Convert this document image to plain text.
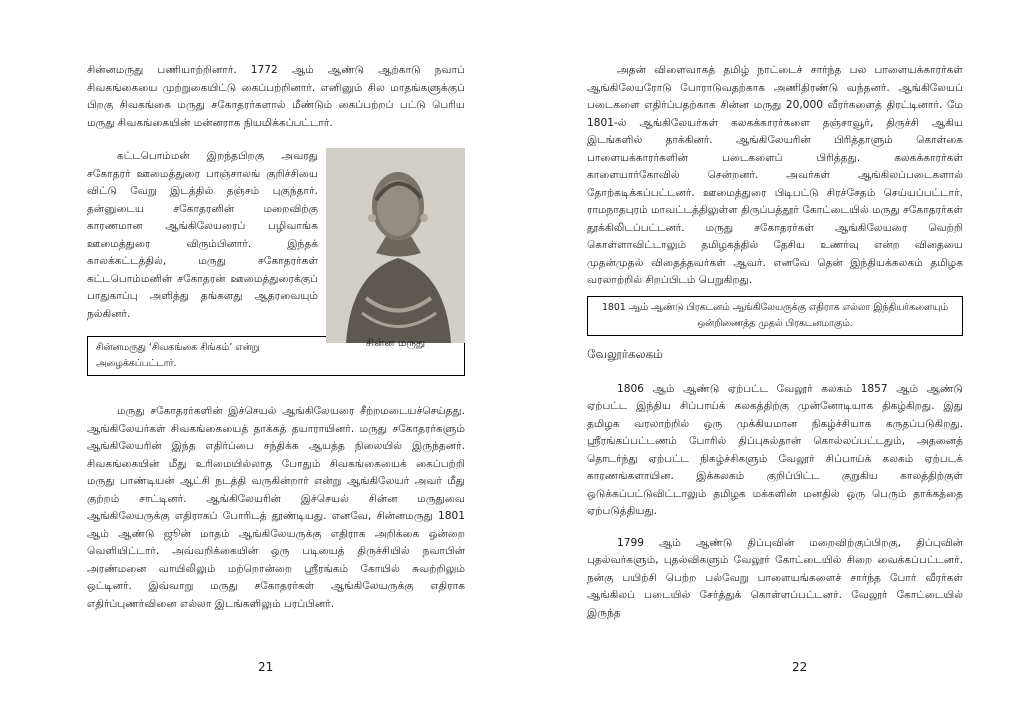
சின்னமருது பணியாற்றினார். 1772 ஆம் ஆண்டு ஆற்காடு நவாப் சிவகங்கையை முற்றுகையிட்டு கைப்பற்றினார். எனினும் சில மாதங்களுக்குப் பிறகு சிவகங்கை மருது சகோதரர்களால் மீண்டும் கைப்பற்றப் பட்டு பெரிய மருது சிவகங்கையின் மன்னராக நியமிக்கப்பட்டார்.

சின்ன மருது

கட்டபொம்மன் இறந்தபிறகு அவரது சகோதரர் ஊமைத்துரை பாஞ்சாலங் குறிச்சியை விட்டு வேறு இடத்தில் தஞ்சம் புகுந்தார். தன்னுடைய சகோதரனின் மறைவிற்கு காரணமான ஆங்கிலேயரைப் பழிவாங்க ஊமைத்துரை விரும்பினார். இந்தக் காலக்கட்டத்தில், மருது சகோதரர்கள் கட்டபொம்மனின் சகோதரன் ஊமைத்துரைக்குப் பாதுகாப்பு அளித்து தங்களது ஆதரவையும் நல்கினர்.

சின்னமருது ‘சிவகங்கை சிங்கம்’ என்று அழைக்கப்பட்டார்.

மருது சகோதரர்களின் இச்செயல் ஆங்கிலேயரை சீற்றமடையச்செய்தது. ஆங்கிலேயர்கள் சிவகங்கையைத் தாக்கத் தயாராயினர். மருது சகோதரர்களும் ஆங்கிலேயரின் இந்த எதிர்ப்பை சந்திக்க ஆயத்த நிலையில் இருந்தனர். சிவகங்கையின் மீது உரிமையில்லாத போதும் சிவகங்கையைக் கைப்பற்றி மருது பாண்டியன் ஆட்சி நடத்தி வருகின்றார் என்று ஆங்கிலேயர் அவர் மீது குற்றம் சாட்டினர். ஆங்கிலேயரின் இச்செயல் சின்ன மருதுவை ஆங்கிலேயருக்கு எதிராகப் போரிடத் தூண்டியது. எனவே, சின்னமருது 1801 ஆம் ஆண்டு ஜூன் மாதம் ஆங்கிலேயருக்கு எதிராக அறிக்கை ஒன்றை வெளியிட்டார். அவ்வறிக்கையின் ஒரு படியைத் திருச்சியில் நவாபின் அரண்மனை வாயிலிலும் மற்றொன்றை ஸ்ரீரங்கம் கோயில் சுவற்றிலும் ஒட்டினர். இவ்வாறு மருது சகோதரர்கள் ஆங்கிலேயருக்கு எதிராக எதிர்ப்புணர்வினை எல்லா இடங்களிலும் பரப்பினர்.

அதன் விளைவாகத் தமிழ் நாட்டைச் சார்ந்த பல பாளையக்காரர்கள் ஆங்கிலேயரோடு போராடுவதற்காக அணிதிரண்டு வந்தனர். ஆங்கிலேயப் படைகளை எதிர்ப்பதற்காக சின்ன மருது 20,000 வீரர்களைத் திரட்டினார். மே 1801-ல் ஆங்கிலேயர்கள் கலகக்காரர்களை தஞ்சாவூர், திருச்சி ஆகிய இடங்களில் தாக்கினர். ஆங்கிலேயரின் பிரித்தாளும் கொள்கை பாளையக்காரர்களின் படைகளைப் பிரித்தது. கலகக்காரர்கள் காளையார்கோவில் சென்றனர். அவர்கள் ஆங்கிலப்படைகளால் தோற்கடிக்கப்பட்டனர். ஊமைத்துரை பிடிபட்டு சிரச்சேதம் செய்யப்பட்டார். ராமநாதபுரம் மாவட்டத்திலுள்ள திருப்பத்தூர் கோட்டையில் மருது சகோதரர்கள் தூக்கிலிடப்பட்டனர். மருது சகோதரர்கள் ஆங்கிலேயரை வெற்றி கொள்ளாவிட்டாலும் தமிழகத்தில் தேசிய உணர்வு என்ற விதையை முதன்முதல் விதைத்தவர்கள் ஆவர். எனவே தென் இந்தியக்கலகம் தமிழக வரலாற்றில் சிறப்பிடம் பெறுகிறது.

1801 ஆம் ஆண்டு பிரகடனம் ஆங்கிலேயருக்கு எதிராக எல்லா இந்தியர்களையும் ஒன்றிணைத்த முதல் பிரகடனமாகும்.
வேலூர்கலகம்

1806 ஆம் ஆண்டு ஏற்பட்ட வேலூர் கலகம் 1857 ஆம் ஆண்டு ஏற்பட்ட இந்திய சிப்பாய்க் கலகத்திற்கு முன்னோடியாக திகழ்கிறது. இது தமிழக வரலாற்றில் ஒரு முக்கியமான நிகழ்ச்சியாக கருதப்படுகிறது. ஸ்ரீரங்கப்பட்டணம் போரில் திப்புசுல்தான் கொல்லப்பட்டதும், அதனைத் தொடர்ந்து ஏற்பட்ட நிகழ்ச்சிகளும் வேலூர் சிப்பாய்க் கலகம் ஏற்படக் காரணங்களாயின. இக்கலகம் குறிப்பிட்ட குறுகிய காலத்திற்குள் ஒடுக்கப்பட்டுவிட்டாலும் தமிழக மக்களின் மனதில் ஒரு பெரும் தாக்கத்தை ஏற்படுத்தியது.

1799 ஆம் ஆண்டு திப்புவின் மறைவிற்குப்பிறகு, திப்புவின் புதல்வர்களும், புதல்விகளும் வேலூர் கோட்டையில் சிறை வைக்கப்பட்டனர். நன்கு பயிற்சி பெற்ற பல்வேறு பாளையங்களைச் சார்ந்த போர் வீரர்கள் ஆங்கிலப் படையில் சேர்த்துக் கொள்ளப்பட்டனர். வேலூர் கோட்டையில் இருந்த

21	22
